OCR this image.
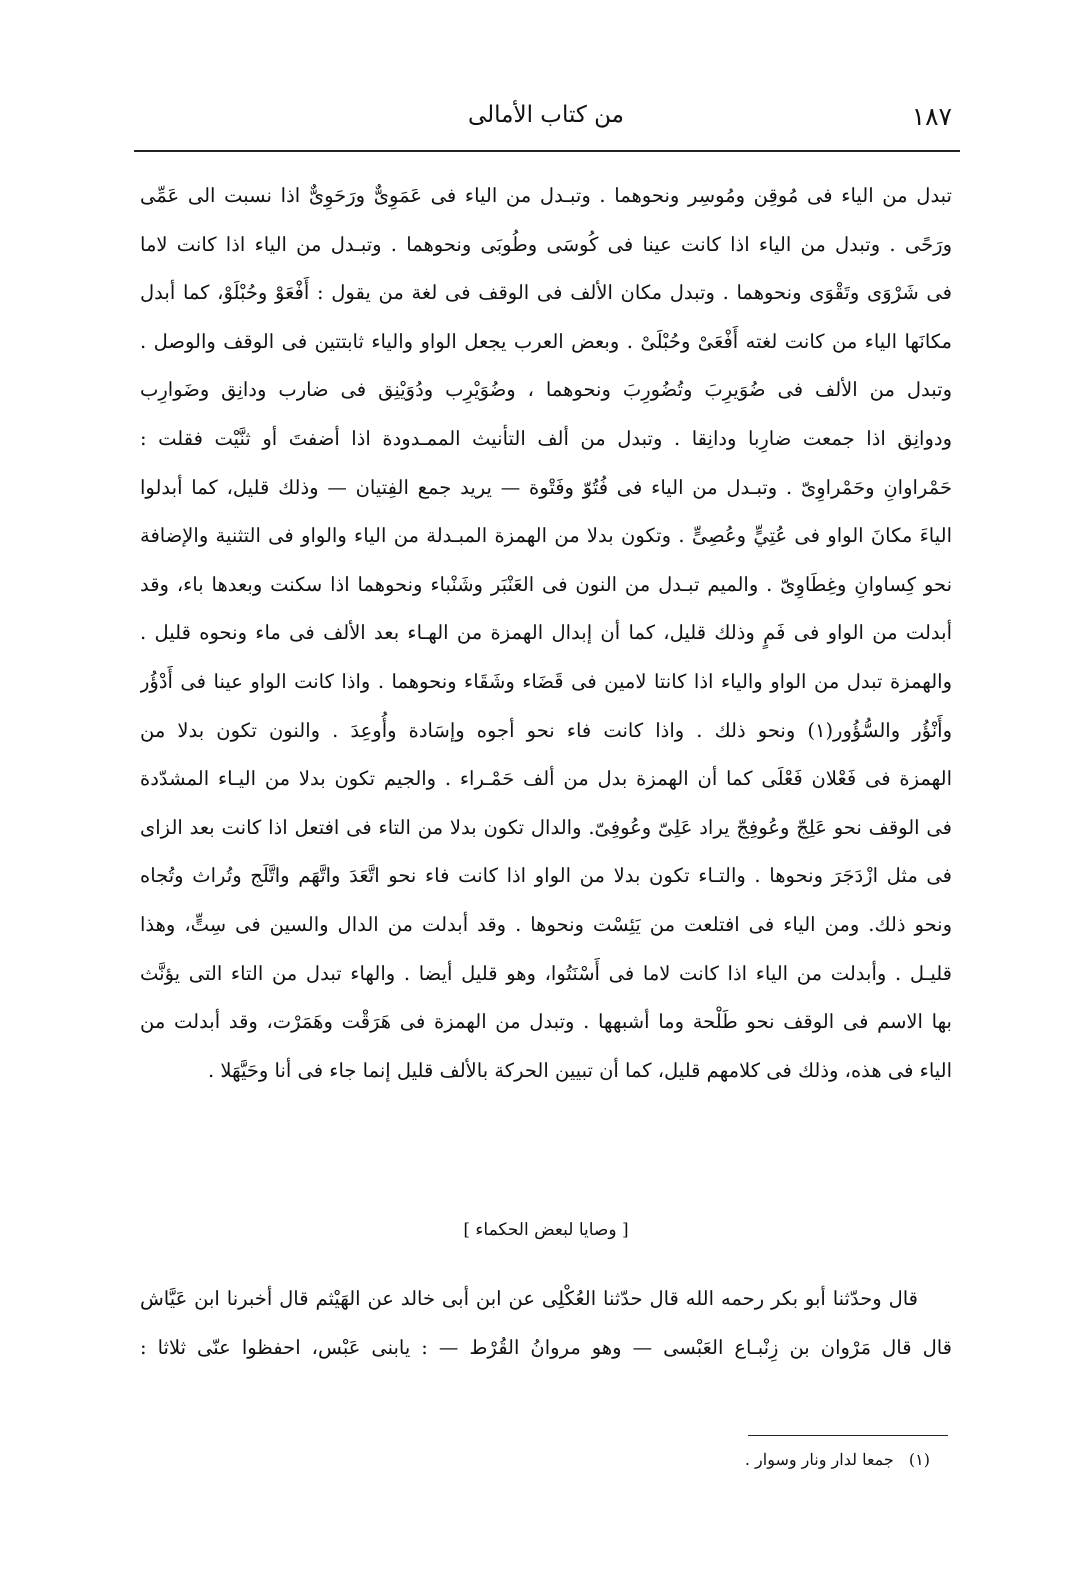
من كتاب الأمالى	١٨٧
تبدل من الياء فى مُوقِن ومُوسِر ونحوهما . وتبـدل من الياء فى عَمَوِىٌّ ورَحَوِىٌّ اذا نسبت الى عَمِّى
ورَحًى . وتبدل من الياء اذا كانت عينا فى كُوسَى وطُوبَى ونحوهما . وتبـدل من الياء اذا كانت لاما
فى شَرْوَى وتَقْوَى ونحوهما . وتبدل مكان الألف فى الوقف فى لغة من يقول : أَفْعَوْ وحُبْلَوْ، كما أبدل
مكانَها الياء من كانت لغته أَفْعَىْ وحُبْلَىْ . وبعض العرب يجعل الواو والياء ثابتتين فى الوقف والوصل .
وتبدل من الألف فى ضُوَيرِبَ وتُضُورِبَ ونحوهما ، وضُوَيْرِب ودُوَيْنِق فى ضارب ودانِق وضَوارِب
ودوانِق اذا جمعت ضارِبا ودانِقا . وتبدل من ألف التأنيث الممـدودة اذا أضفتَ أو ثنَّيْت فقلت :
حَمْراوانِ وحَمْراوِىّ . وتبـدل من الياء فى فُتُوّ وفَتْوة — يريد جمع الفِتيان — وذلك قليل، كما أبدلوا
الياءَ مكانَ الواو فى عُتِيٍّ وعُصِىٍّ . وتكون بدلا من الهمزة المبـدلة من الياء والواو فى التثنية والإضافة
نحو كِساوانِ وغِطَاوِىّ . والميم تبـدل من النون فى العَنْبَر وشَنْباء ونحوهما اذا سكنت وبعدها باء، وقد
أبدلت من الواو فى فَمٍ وذلك قليل، كما أن إبدال الهمزة من الهـاء بعد الألف فى ماء ونحوه قليل .
والهمزة تبدل من الواو والياء اذا كانتا لامين فى قَضَاء وشَقَاء ونحوهما . واذا كانت الواو عينا فى أَدْؤُر
وأَنْؤُر والسُّؤُور(١) ونحو ذلك . واذا كانت فاء نحو أجوه وإسَادة وأُوعِدَ . والنون تكون بدلا من
الهمزة فى فَعْلان فَعْلَى كما أن الهمزة بدل من ألف حَمْـراء . والجيم تكون بدلا من اليـاء المشدّدة
فى الوقف نحو عَلِجّ وعُوفِجّ يراد عَلِىّ وعُوفِىّ. والدال تكون بدلا من التاء فى افتعل اذا كانت بعد الزاى
فى مثل ازْدَجَرَ ونحوها . والتـاء تكون بدلا من الواو اذا كانت فاء نحو اتَّعَدَ واتَّهَم واتَّلَج وتُراث وتُجاه
ونحو ذلك. ومن الياء فى افتلعت من يَئِسْت ونحوها . وقد أبدلت من الدال والسين فى سِتٍّ، وهذا
قليـل . وأبدلت من الياء اذا كانت لاما فى أَسْنَتُوا، وهو قليل أيضا . والهاء تبدل من التاء التى يؤنَّث
بها الاسم فى الوقف نحو طَلْحة وما أشبهها . وتبدل من الهمزة فى هَرَقْت وهَمَرْت، وقد أبدلت من
الياء فى هذه، وذلك فى كلامهم قليل، كما أن تبيين الحركة بالألف قليل إنما جاء فى أنا وحَيَّهَلا .
[ وصايا لبعض الحكماء ]
قال وحدّثنا أبو بكر رحمه الله قال حدّثنا العُكْلِى عن ابن أبى خالد عن الهَيْثم قال أخبرنا ابن عَيَّاش
قال قال مَرْوان بن زِنْبـاع العَبْسى — وهو مروانُ القُرْط — : يابنى عَبْس، احفظوا عنّى ثلاثا :
(١) جمعا لدار ونار وسوار .
